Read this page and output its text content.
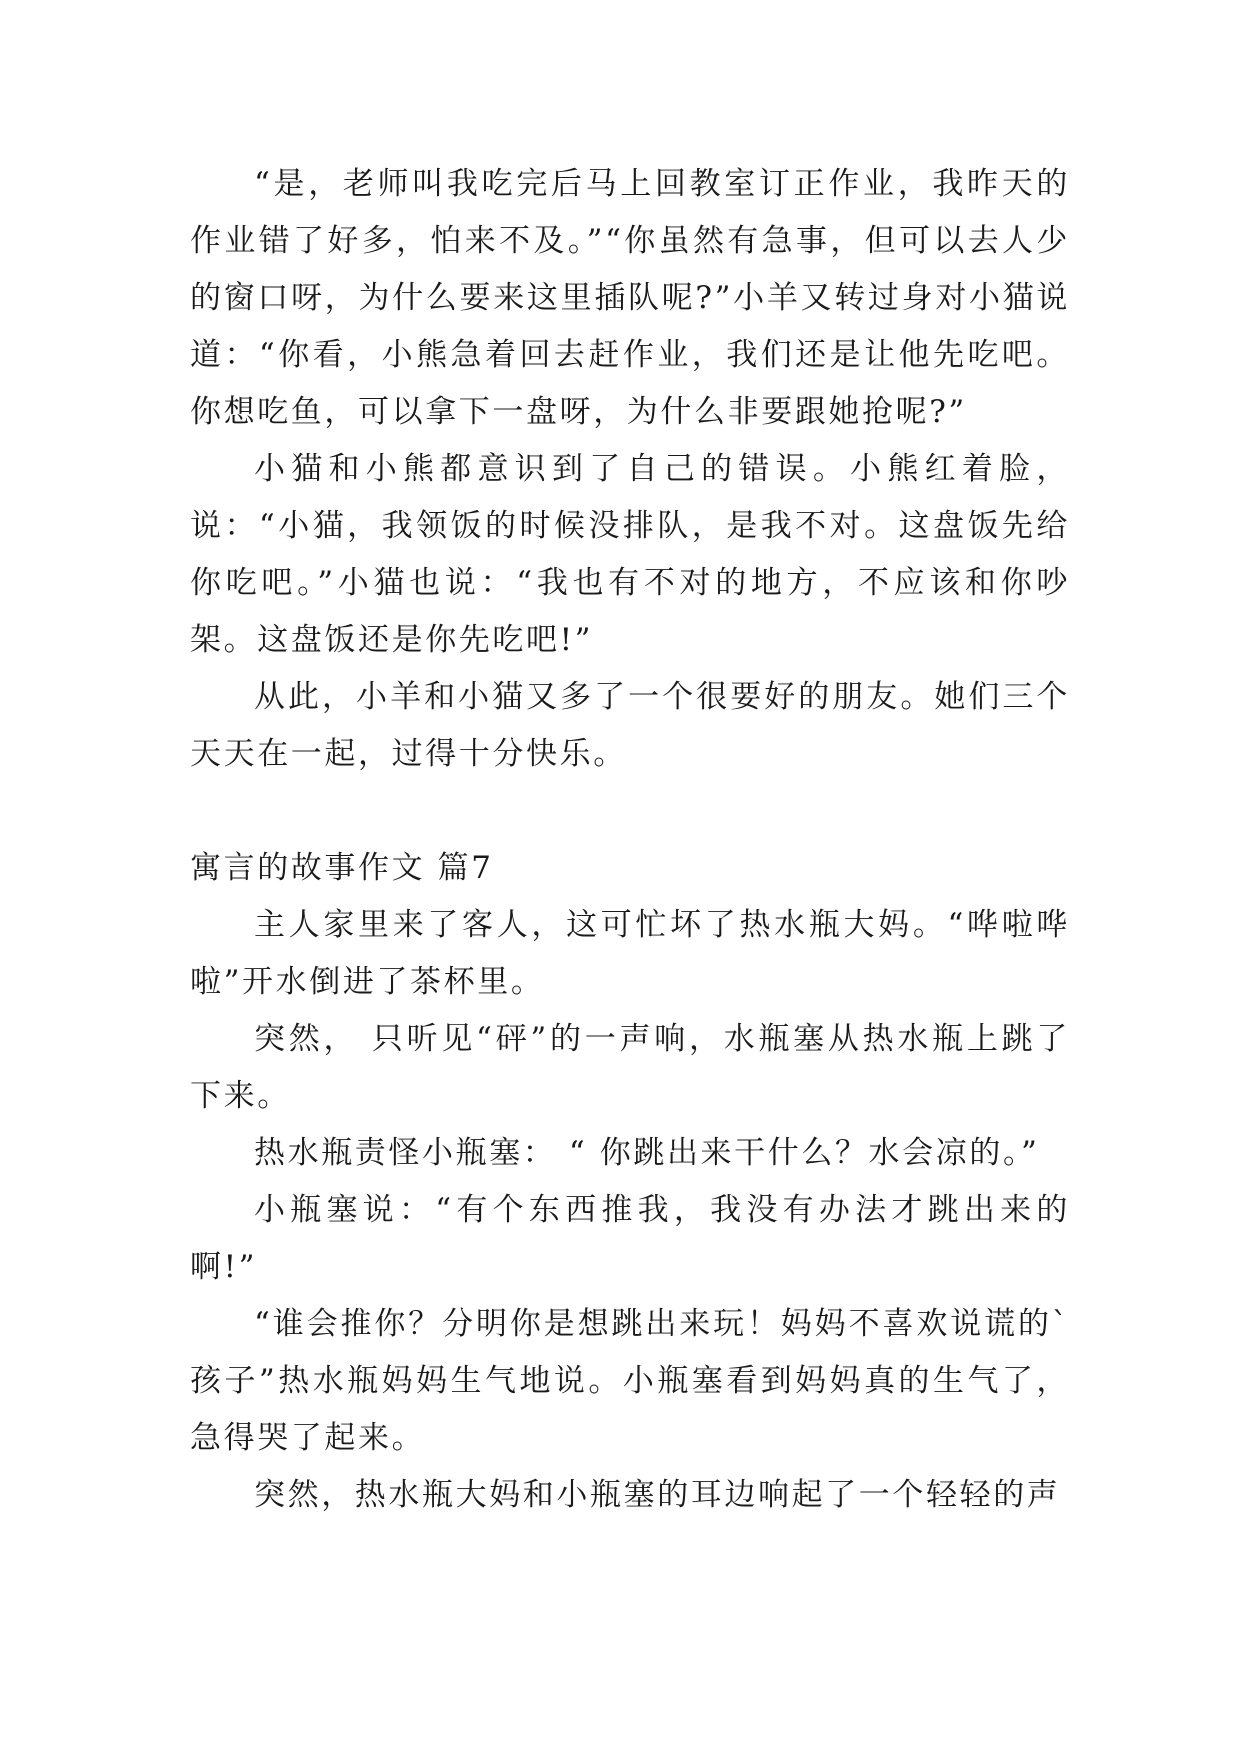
“是，老师叫我吃完后马上回教室订正作业，我昨天的作业错了好多，怕来不及。”“你虽然有急事，但可以去人少的窗口呀，为什么要来这里插队呢?”小羊又转过身对小猫说道：“你看，小熊急着回去赶作业，我们还是让他先吃吧。你想吃鱼，可以拿下一盘呀，为什么非要跟她抢呢?”

小猫和小熊都意识到了自己的错误。小熊红着脸，说：“小猫，我领饭的时候没排队，是我不对。这盘饭先给你吃吧。”小猫也说：“我也有不对的地方，不应该和你吵架。这盘饭还是你先吃吧!”

从此，小羊和小猫又多了一个很要好的朋友。她们三个天天在一起，过得十分快乐。

寓言的故事作文 篇7

主人家里来了客人，这可忙坏了热水瓶大妈。“哗啦哗啦”开水倒进了茶杯里。

突然， 只听见“砰”的一声响，水瓶塞从热水瓶上跳了下来。

热水瓶责怪小瓶塞： “ 你跳出来干什么？水会凉的。”

小瓶塞说：“有个东西推我，我没有办法才跳出来的啊!”

“谁会推你？分明你是想跳出来玩！妈妈不喜欢说谎的`孩子”热水瓶妈妈生气地说。小瓶塞看到妈妈真的生气了，急得哭了起来。

突然，热水瓶大妈和小瓶塞的耳边响起了一个轻轻的声
